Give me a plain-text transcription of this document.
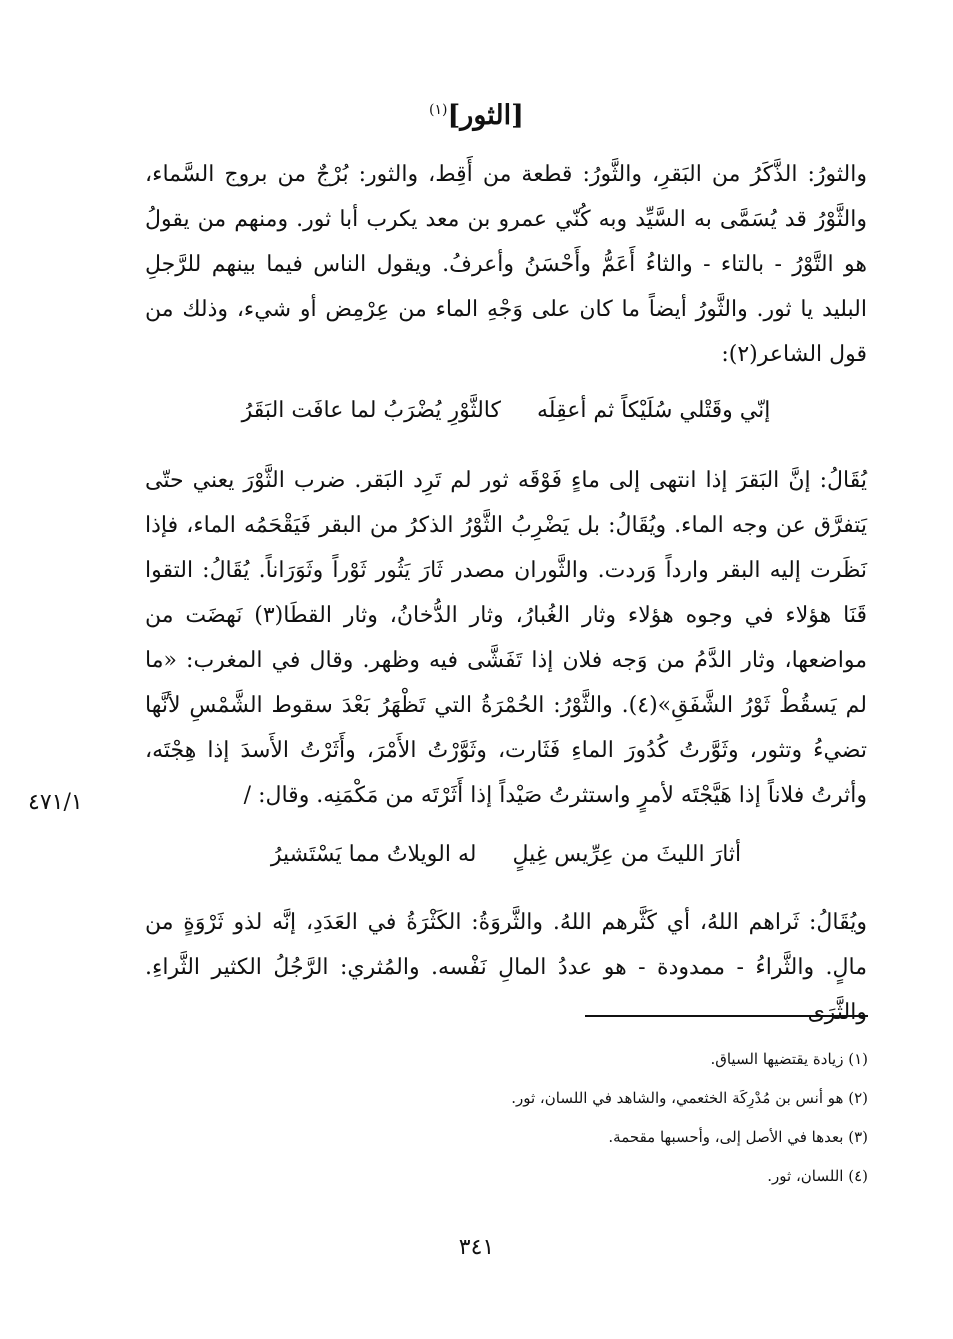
[الثور]$^{(١)}$
والثورُ: الذَّكَرُ من البَقرِ، والثَّورُ: قطعة من أَقِط، والثور: بُرْجٌ من بروج السَّماء، والثَّوْرُ قد يُسَمَّى به السَّيِّد وبه كُنّي عمرو بن معد يكرب أبا ثور. ومنهم من يقولُ هو التَّوْرُ - بالتاء - والثاءُ أَعَمُّ وأَحْسَنُ وأعرفُ. ويقول الناس فيما بينهم للرَّجلِ البليد يا ثور. والثَّورُ أيضاً ما كان على وَجْهِ الماء من عِرْمِض أو شيء، وذلك من قول الشاعر(٢):
إنّي وقَتْلي سُلَيْكاً ثم أعقِلَه
كالثَّوْرِ يُضْرَبُ لما عافَت البَقَرُ
يُقَالُ: إنَّ البَقرَ إذا انتهى إلى ماءٍ فَوْقَه ثور لم تَرِد البَقر. ضرب الثَّوْرَ يعني حتّى يَتفرَّق عن وجه الماء. ويُقَالُ: بل يَضْرِبُ الثَّوْرُ الذكرُ من البقر فَيَقْحَمُه الماء، فإذا نَظَرت إليه البقر وارداً وَردت. والثَّوران مصدر ثَارَ يَثُور ثَوْراً وثَوَرَاناً. يُقَالُ: التقوا قَنَا هؤلاء في وجوه هؤلاء وثار الغُبارُ، وثار الدُّخانُ، وثار القطَا(٣) نَهضَت من مواضعها، وثار الدَّمُ من وَجه فلان إذا تَفَشَّى فيه وظهر. وقال في المغرب: «ما لم يَسقُطْ ثَوْرُ الشَّفَقِ»(٤). والثَّوْرُ: الحُمْرَةُ التي تَظْهَرُ بَعْدَ سقوط الشَّمْسِ لأنَّها تضيءُ وتثور، وثَوَّرتُ كُدُورَ الماءِ فَثَارت، وثَوَّرْتُ الأَمْرَ، وأَثَرْتُ الأَسدَ إذا هِجْتَه، وأثرتُ فلاناً إذا هَيَّجْتَه لأمرٍ واستثرتُ صَيْداً إذا أَثَرْتَه من مَكْمَنِه. وقال: /
٤٧١/١
أثارَ الليثَ من عِرِّيس غِيلٍ
له الويلاتُ مما يَسْتَشيرُ
ويُقَالُ: ثَراهم اللهُ، أي كَثَّرهم اللهُ. والثَّروَةُ: الكَثْرَةُ في العَدَدِ، إنَّه لذو ثَرْوَةٍ من مالٍ. والثَّراءُ - ممدودة - هو عددُ المالِ نَفْسه. والمُثري: الرَّجُلُ الكثير الثَّراءِ. والثَّرَى
(١) زيادة يقتضيها السياق.
(٢) هو أنس بن مُدْرِكَة الخثعمي، والشاهد في اللسان، ثور.
(٣) بعدها في الأصل إلى، وأحسبها مقحمة.
(٤) اللسان، ثور.
٣٤١
